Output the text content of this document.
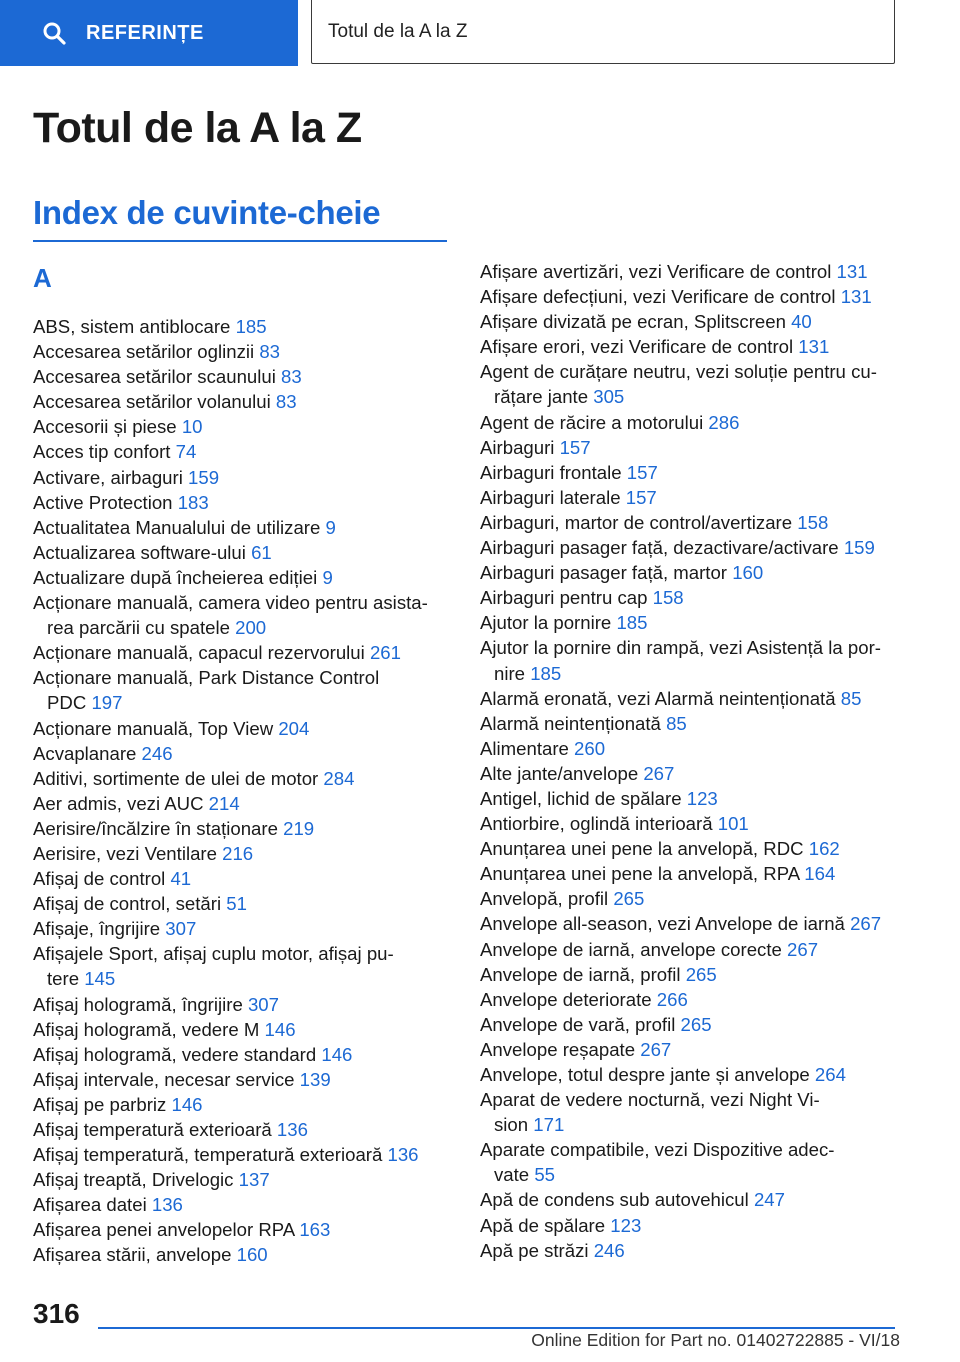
REFERINȚE	Totul de la A la Z
Totul de la A la Z
Index de cuvinte-cheie
A
ABS, sistem antiblocare 185
Accesarea setărilor oglinzii 83
Accesarea setărilor scaunului 83
Accesarea setărilor volanului 83
Accesorii și piese 10
Acces tip confort 74
Activare, airbaguri 159
Active Protection 183
Actualitatea Manualului de utilizare 9
Actualizarea software-ului 61
Actualizare după încheierea ediției 9
Acționare manuală, camera video pentru asista-
rea parcării cu spatele 200
Acționare manuală, capacul rezervorului 261
Acționare manuală, Park Distance Control
PDC 197
Acționare manuală, Top View 204
Acvaplanare 246
Aditivi, sortimente de ulei de motor 284
Aer admis, vezi AUC 214
Aerisire/încălzire în staționare 219
Aerisire, vezi Ventilare 216
Afișaj de control 41
Afișaj de control, setări 51
Afișaje, îngrijire 307
Afișajele Sport, afișaj cuplu motor, afișaj pu-
tere 145
Afișaj hologramă, îngrijire 307
Afișaj hologramă, vedere M 146
Afișaj hologramă, vedere standard 146
Afișaj intervale, necesar service 139
Afișaj pe parbriz 146
Afișaj temperatură exterioară 136
Afișaj temperatură, temperatură exterioară 136
Afișaj treaptă, Drivelogic 137
Afișarea datei 136
Afișarea penei anvelopelor RPA 163
Afișarea stării, anvelope 160
Afișare avertizări, vezi Verificare de control 131
Afișare defecțiuni, vezi Verificare de control 131
Afișare divizată pe ecran, Splitscreen 40
Afișare erori, vezi Verificare de control 131
Agent de curățare neutru, vezi soluție pentru cu-
rățare jante 305
Agent de răcire a motorului 286
Airbaguri 157
Airbaguri frontale 157
Airbaguri laterale 157
Airbaguri, martor de control/avertizare 158
Airbaguri pasager față, dezactivare/activare 159
Airbaguri pasager față, martor 160
Airbaguri pentru cap 158
Ajutor la pornire 185
Ajutor la pornire din rampă, vezi Asistență la por-
nire 185
Alarmă eronată, vezi Alarmă neintenționată 85
Alarmă neintenționată 85
Alimentare 260
Alte jante/anvelope 267
Antigel, lichid de spălare 123
Antiorbire, oglindă interioară 101
Anunțarea unei pene la anvelopă, RDC 162
Anunțarea unei pene la anvelopă, RPA 164
Anvelopă, profil 265
Anvelope all-season, vezi Anvelope de iarnă 267
Anvelope de iarnă, anvelope corecte 267
Anvelope de iarnă, profil 265
Anvelope deteriorate 266
Anvelope de vară, profil 265
Anvelope reșapate 267
Anvelope, totul despre jante și anvelope 264
Aparat de vedere nocturnă, vezi Night Vi-
sion 171
Aparate compatibile, vezi Dispozitive adec-
vate 55
Apă de condens sub autovehicul 247
Apă de spălare 123
Apă pe străzi 246
316
Online Edition for Part no. 01402722885 - VI/18
